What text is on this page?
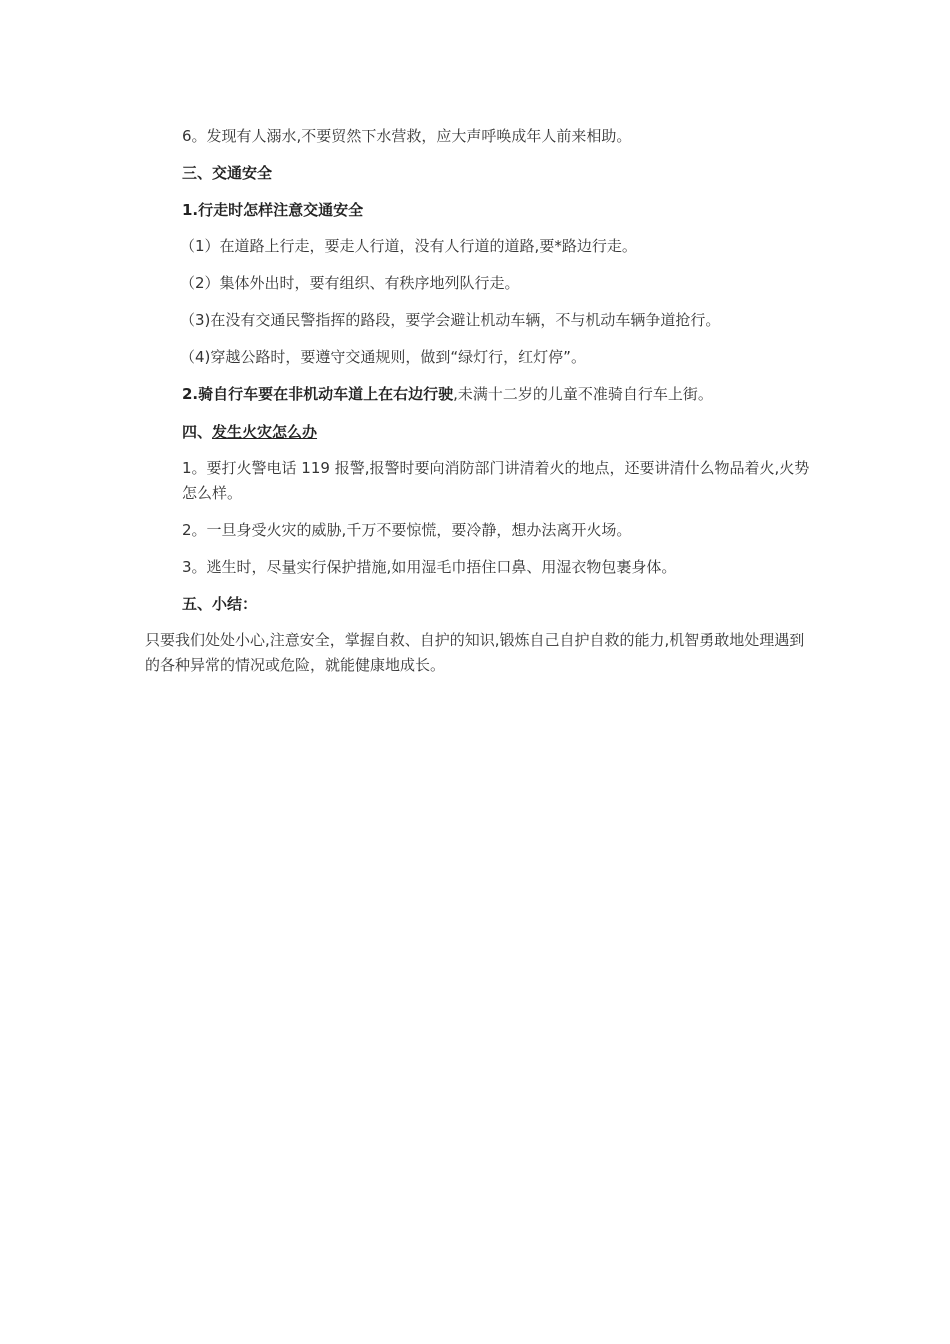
6。发现有人溺水,不要贸然下水营救，应大声呼唤成年人前来相助。
三、交通安全
1.行走时怎样注意交通安全
（1）在道路上行走，要走人行道，没有人行道的道路,要*路边行走。
（2）集体外出时，要有组织、有秩序地列队行走。
（3)在没有交通民警指挥的路段，要学会避让机动车辆，不与机动车辆争道抢行。
（4)穿越公路时，要遵守交通规则，做到“绿灯行，红灯停”。
2.骑自行车要在非机动车道上在右边行驶,未满十二岁的儿童不准骑自行车上街。
四、发生火灾怎么办
1。要打火警电话 119 报警,报警时要向消防部门讲清着火的地点，还要讲清什么物品着火,火势怎么样。
2。一旦身受火灾的威胁,千万不要惊慌，要冷静，想办法离开火场。
3。逃生时，尽量实行保护措施,如用湿毛巾捂住口鼻、用湿衣物包裹身体。
五、小结：
只要我们处处小心,注意安全，掌握自救、自护的知识,锻炼自己自护自救的能力,机智勇敢地处理遇到的各种异常的情况或危险，就能健康地成长。
